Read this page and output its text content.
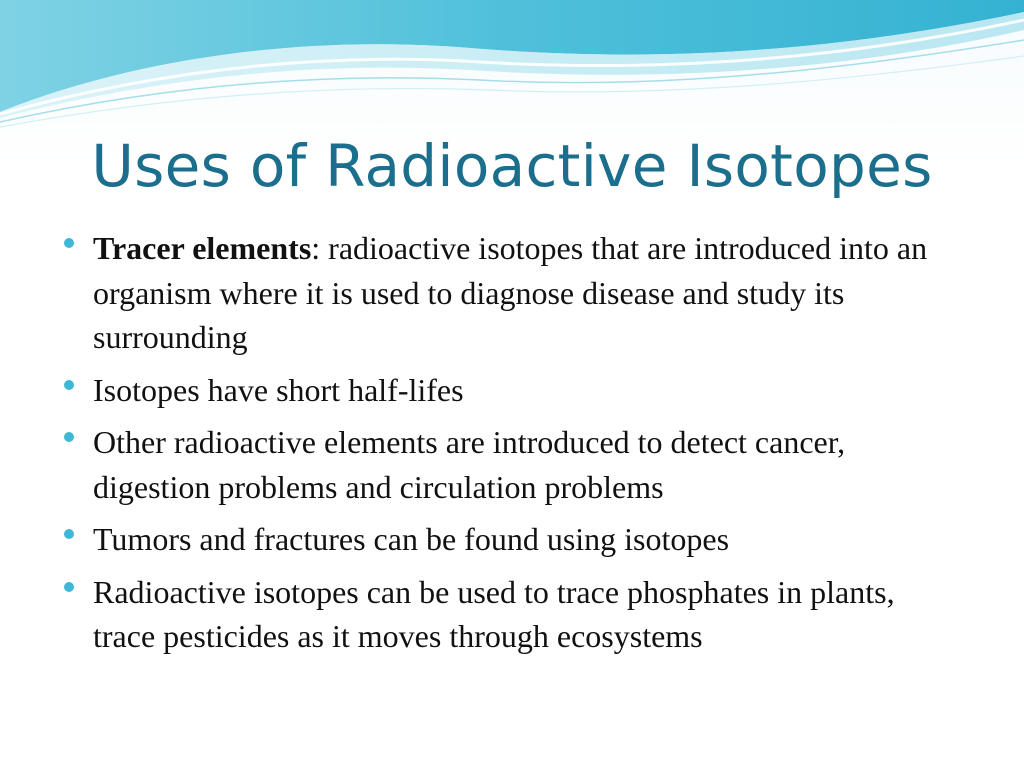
Uses of Radioactive Isotopes
Tracer elements: radioactive isotopes that are introduced into an organism where it is used to diagnose disease and study its surrounding
Isotopes have short half-lifes
Other radioactive elements are introduced to detect cancer, digestion problems and circulation problems
Tumors and fractures can be found using isotopes
Radioactive isotopes can be used to trace phosphates in plants, trace pesticides as it moves through ecosystems
